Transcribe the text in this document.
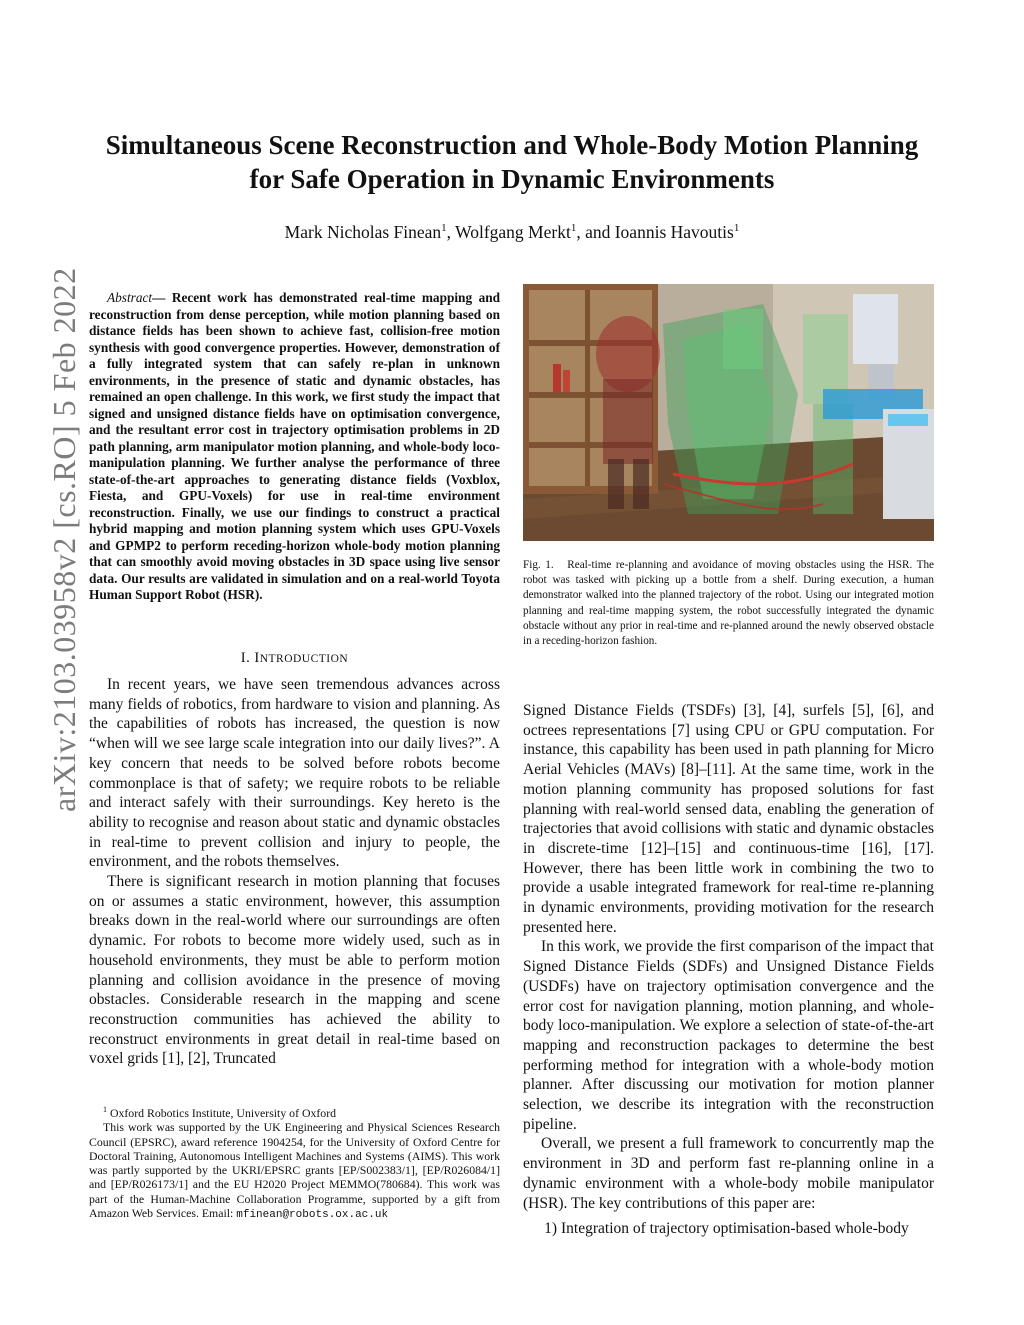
arXiv:2103.03958v2 [cs.RO] 5 Feb 2022
Simultaneous Scene Reconstruction and Whole-Body Motion Planning
for Safe Operation in Dynamic Environments
Mark Nicholas Finean$^1$, Wolfgang Merkt$^1$, and Ioannis Havoutis$^1$
Abstract— Recent work has demonstrated real-time mapping and reconstruction from dense perception, while motion planning based on distance fields has been shown to achieve fast, collision-free motion synthesis with good convergence properties. However, demonstration of a fully integrated system that can safely re-plan in unknown environments, in the presence of static and dynamic obstacles, has remained an open challenge. In this work, we first study the impact that signed and unsigned distance fields have on optimisation convergence, and the resultant error cost in trajectory optimisation problems in 2D path planning, arm manipulator motion planning, and whole-body loco-manipulation planning. We further analyse the performance of three state-of-the-art approaches to generating distance fields (Voxblox, Fiesta, and GPU-Voxels) for use in real-time environment reconstruction. Finally, we use our findings to construct a practical hybrid mapping and motion planning system which uses GPU-Voxels and GPMP2 to perform receding-horizon whole-body motion planning that can smoothly avoid moving obstacles in 3D space using live sensor data. Our results are validated in simulation and on a real-world Toyota Human Support Robot (HSR).
I. INTRODUCTION

In recent years, we have seen tremendous advances across many fields of robotics, from hardware to vision and planning. As the capabilities of robots has increased, the question is now “when will we see large scale integration into our daily lives?”. A key concern that needs to be solved before robots become commonplace is that of safety; we require robots to be reliable and interact safely with their surroundings. Key hereto is the ability to recognise and reason about static and dynamic obstacles in real-time to prevent collision and injury to people, the environment, and the robots themselves.

There is significant research in motion planning that focuses on or assumes a static environment, however, this assumption breaks down in the real-world where our surroundings are often dynamic. For robots to become more widely used, such as in household environments, they must be able to perform motion planning and collision avoidance in the presence of moving obstacles. Considerable research in the mapping and scene reconstruction communities has achieved the ability to reconstruct environments in great detail in real-time based on voxel grids [1], [2], Truncated

$^1$ Oxford Robotics Institute, University of Oxford

This work was supported by the UK Engineering and Physical Sciences Research Council (EPSRC), award reference 1904254, for the University of Oxford Centre for Doctoral Training, Autonomous Intelligent Machines and Systems (AIMS). This work was partly supported by the UKRI/EPSRC grants [EP/S002383/1], [EP/R026084/1] and [EP/R026173/1] and the EU H2020 Project MEMMO(780684). This work was part of the Human-Machine Collaboration Programme, supported by a gift from Amazon Web Services. Email: mfinean@robots.ox.ac.uk

Fig. 1. Real-time re-planning and avoidance of moving obstacles using the HSR. The robot was tasked with picking up a bottle from a shelf. During execution, a human demonstrator walked into the planned trajectory of the robot. Using our integrated motion planning and real-time mapping system, the robot successfully integrated the dynamic obstacle without any prior in real-time and re-planned around the newly observed obstacle in a receding-horizon fashion.

Signed Distance Fields (TSDFs) [3], [4], surfels [5], [6], and octrees representations [7] using CPU or GPU computation. For instance, this capability has been used in path planning for Micro Aerial Vehicles (MAVs) [8]–[11]. At the same time, work in the motion planning community has proposed solutions for fast planning with real-world sensed data, enabling the generation of trajectories that avoid collisions with static and dynamic obstacles in discrete-time [12]–[15] and continuous-time [16], [17]. However, there has been little work in combining the two to provide a usable integrated framework for real-time re-planning in dynamic environments, providing motivation for the research presented here.

In this work, we provide the first comparison of the impact that Signed Distance Fields (SDFs) and Unsigned Distance Fields (USDFs) have on trajectory optimisation convergence and the error cost for navigation planning, motion planning, and whole-body loco-manipulation. We explore a selection of state-of-the-art mapping and reconstruction packages to determine the best performing method for integration with a whole-body motion planner. After discussing our motivation for motion planner selection, we describe its integration with the reconstruction pipeline.

Overall, we present a full framework to concurrently map the environment in 3D and perform fast re-planning online in a dynamic environment with a whole-body mobile manipulator (HSR). The key contributions of this paper are:

1) Integration of trajectory optimisation-based whole-body
